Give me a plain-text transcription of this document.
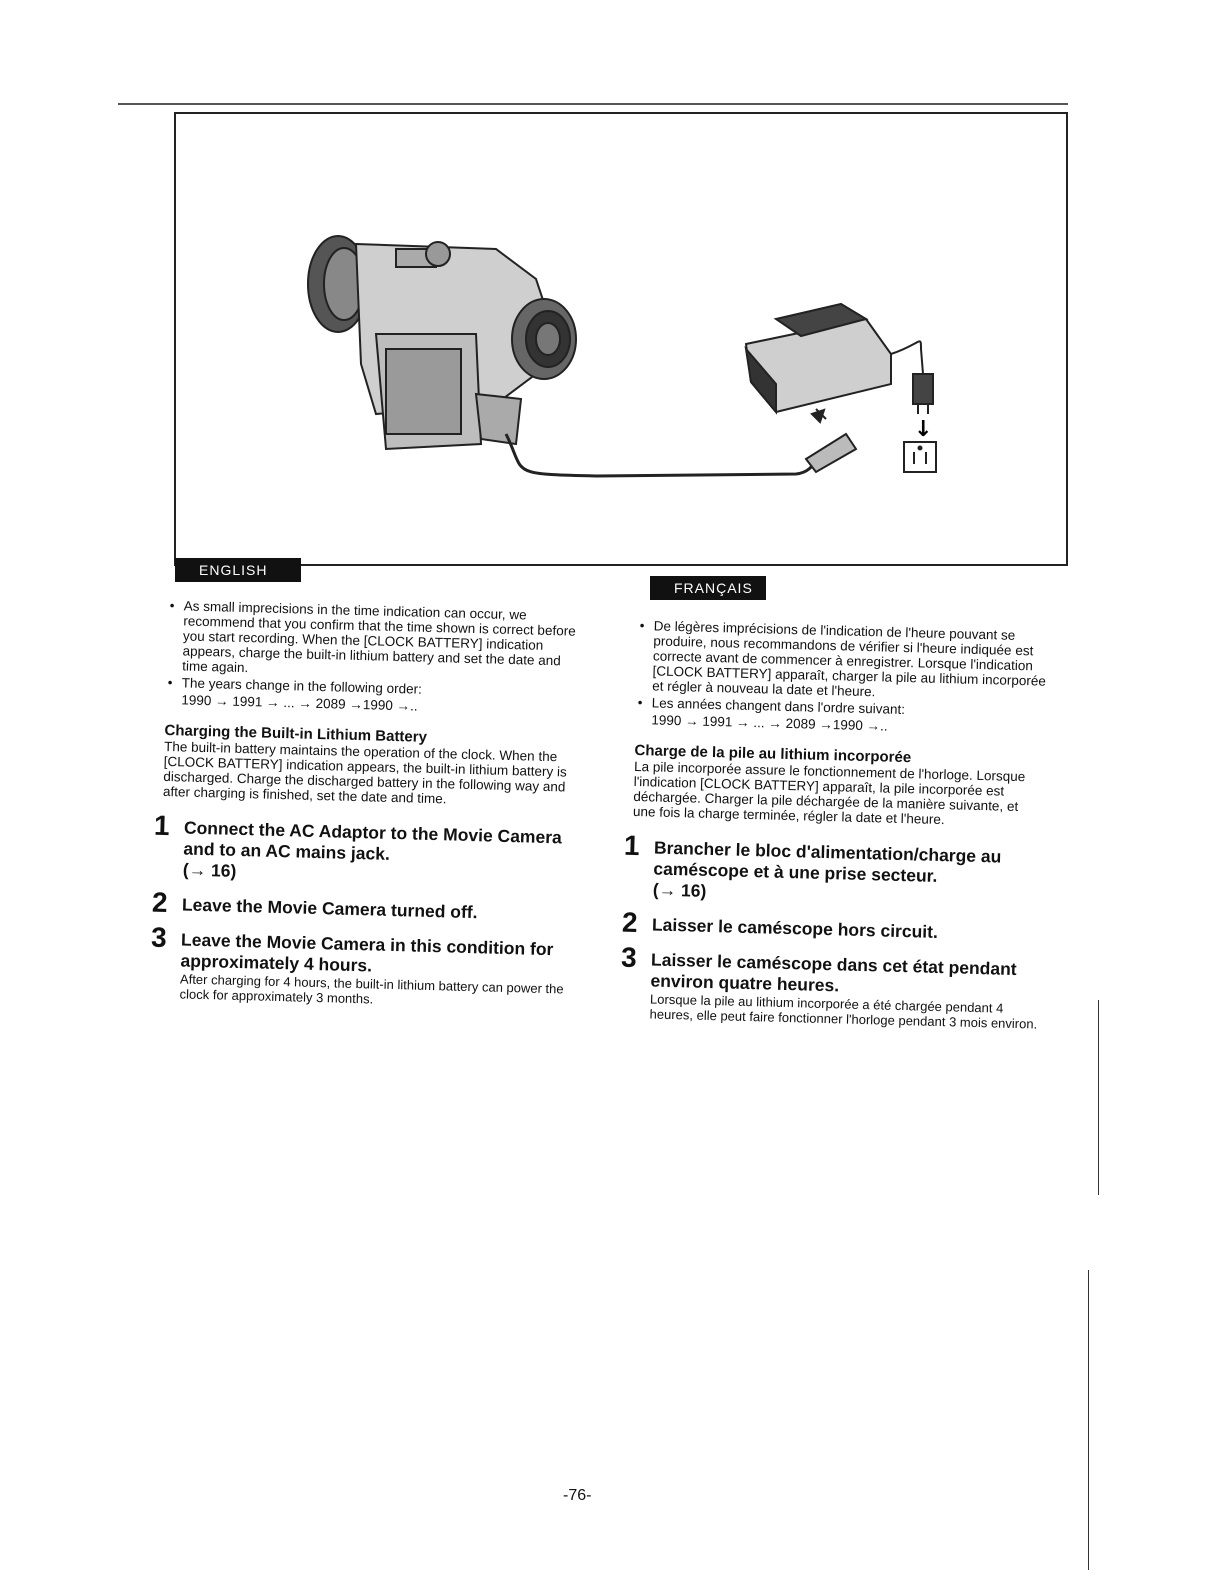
↓
ENGLISH
FRANÇAIS

• As small imprecisions in the time indication can occur, we recommend that you confirm that the time shown is correct before you start recording. When the [CLOCK BATTERY] indication appears, charge the built-in lithium battery and set the date and time again.

• The years change in the following order:

1990 → 1991 → ... → 2089 →1990 →..

Charging the Built-in Lithium Battery

The built-in battery maintains the operation of the clock. When the [CLOCK BATTERY] indication appears, the built-in lithium battery is discharged. Charge the discharged battery in the following way and after charging is finished, set the date and time.

1 Connect the AC Adaptor to the Movie Camera and to an AC mains jack.
(→ 16)
2 Leave the Movie Camera turned off.
3 Leave the Movie Camera in this condition for approximately 4 hours.
After charging for 4 hours, the built-in lithium battery can power the clock for approximately 3 months.

• De légères imprécisions de l'indication de l'heure pouvant se produire, nous recommandons de vérifier si l'heure indiquée est correcte avant de commencer à enregistrer. Lorsque l'indication [CLOCK BATTERY] apparaît, charger la pile au lithium incorporée et régler à nouveau la date et l'heure.

• Les années changent dans l'ordre suivant:

1990 → 1991 → ... → 2089 →1990 →..

Charge de la pile au lithium incorporée

La pile incorporée assure le fonctionnement de l'horloge. Lorsque l'indication [CLOCK BATTERY] apparaît, la pile incorporée est déchargée. Charger la pile déchargée de la manière suivante, et une fois la charge terminée, régler la date et l'heure.

1 Brancher le bloc d'alimentation/charge au caméscope et à une prise secteur.
(→ 16)
2 Laisser le caméscope hors circuit.
3 Laisser le caméscope dans cet état pendant environ quatre heures.
Lorsque la pile au lithium incorporée a été chargée pendant 4 heures, elle peut faire fonctionner l'horloge pendant 3 mois environ.
-76-
